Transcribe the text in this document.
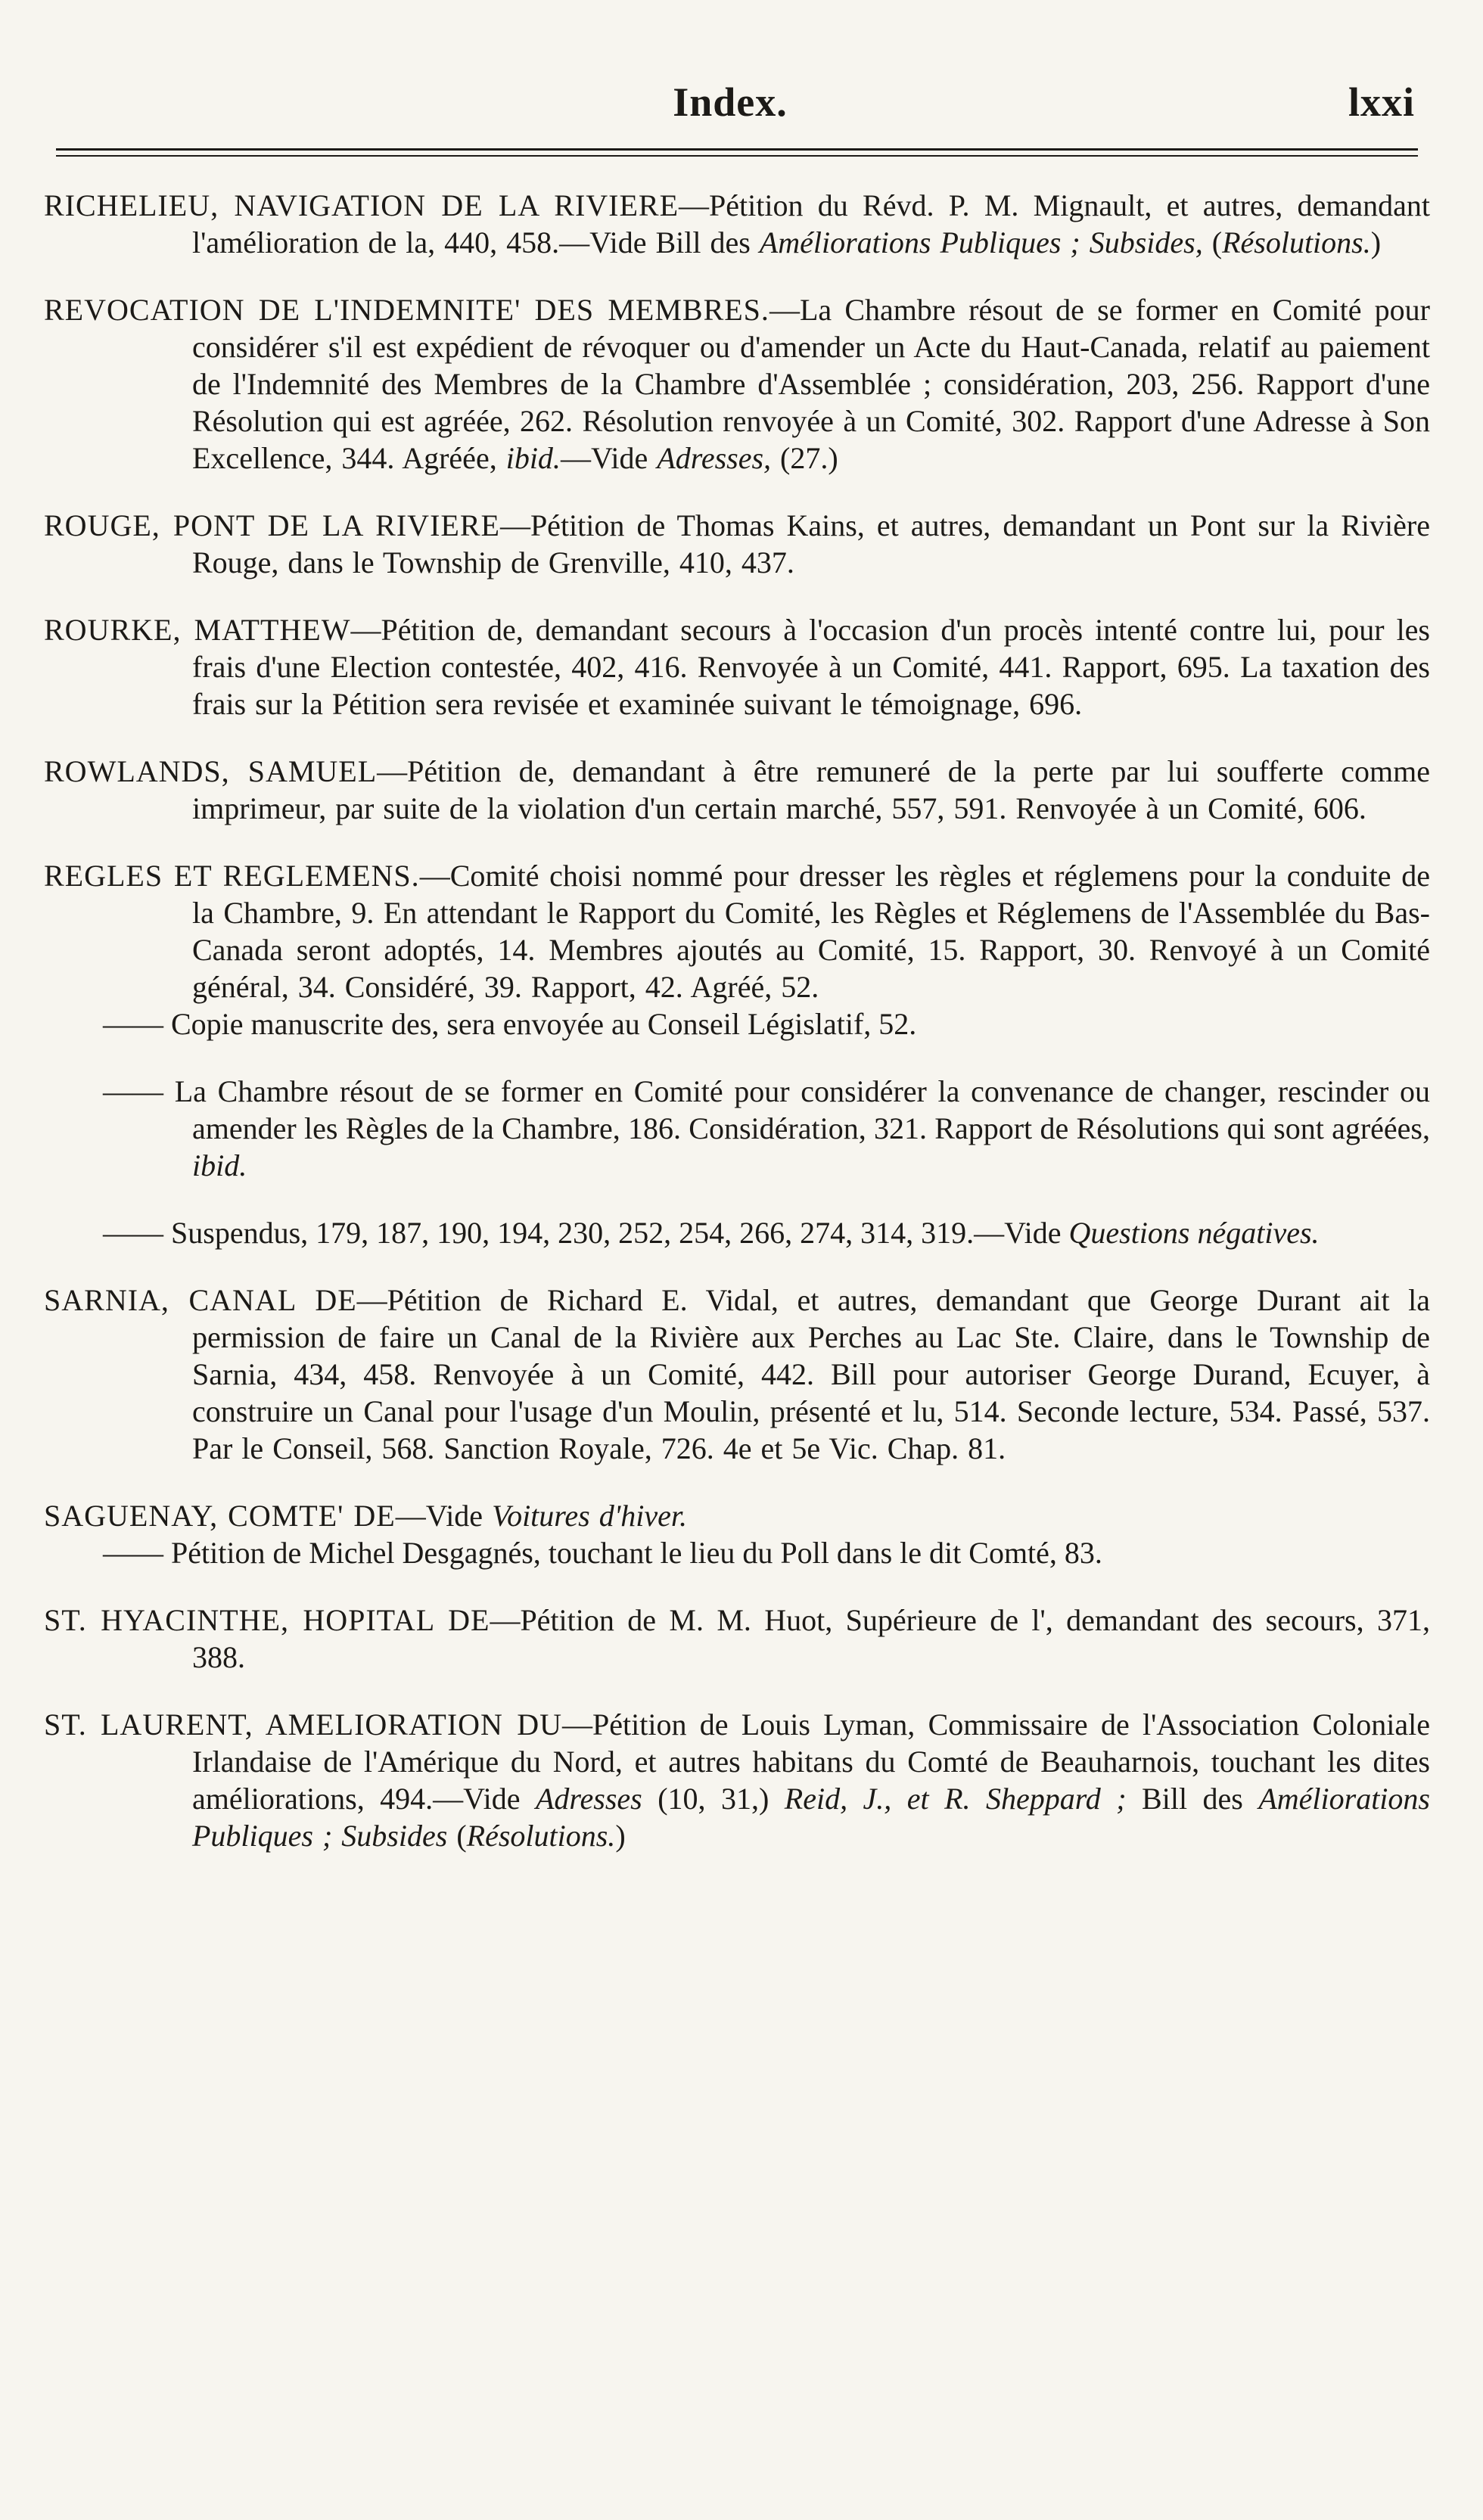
Index.	lxxi

RICHELIEU, NAVIGATION DE LA RIVIERE—Pétition du Révd. P. M. Mignault, et autres, demandant l'amélioration de la, 440, 458.—Vide Bill des Améliorations Publiques ; Subsides, (Résolutions.)

REVOCATION DE L'INDEMNITE' DES MEMBRES.—La Chambre résout de se former en Comité pour considérer s'il est expédient de révoquer ou d'amender un Acte du Haut-Canada, relatif au paiement de l'Indemnité des Membres de la Chambre d'Assemblée ; considération, 203, 256. Rapport d'une Résolution qui est agréée, 262. Résolution renvoyée à un Comité, 302. Rapport d'une Adresse à Son Excellence, 344. Agréée, ibid.—Vide Adresses, (27.)

ROUGE, PONT DE LA RIVIERE—Pétition de Thomas Kains, et autres, demandant un Pont sur la Rivière Rouge, dans le Township de Grenville, 410, 437.

ROURKE, MATTHEW—Pétition de, demandant secours à l'occasion d'un procès intenté contre lui, pour les frais d'une Election contestée, 402, 416. Renvoyée à un Comité, 441. Rapport, 695. La taxation des frais sur la Pétition sera revisée et examinée suivant le témoignage, 696.

ROWLANDS, SAMUEL—Pétition de, demandant à être remuneré de la perte par lui soufferte comme imprimeur, par suite de la violation d'un certain marché, 557, 591. Renvoyée à un Comité, 606.

REGLES ET REGLEMENS.—Comité choisi nommé pour dresser les règles et réglemens pour la conduite de la Chambre, 9. En attendant le Rapport du Comité, les Règles et Réglemens de l'Assemblée du Bas-Canada seront adoptés, 14. Membres ajoutés au Comité, 15. Rapport, 30. Renvoyé à un Comité général, 34. Considéré, 39. Rapport, 42. Agréé, 52.

—— Copie manuscrite des, sera envoyée au Conseil Législatif, 52.

—— La Chambre résout de se former en Comité pour considérer la convenance de changer, rescinder ou amender les Règles de la Chambre, 186. Considération, 321. Rapport de Résolutions qui sont agréées, ibid.

—— Suspendus, 179, 187, 190, 194, 230, 252, 254, 266, 274, 314, 319.—Vide Questions négatives.

SARNIA, CANAL DE—Pétition de Richard E. Vidal, et autres, demandant que George Durant ait la permission de faire un Canal de la Rivière aux Perches au Lac Ste. Claire, dans le Township de Sarnia, 434, 458. Renvoyée à un Comité, 442. Bill pour autoriser George Durand, Ecuyer, à construire un Canal pour l'usage d'un Moulin, présenté et lu, 514. Seconde lecture, 534. Passé, 537. Par le Conseil, 568. Sanction Royale, 726. 4e et 5e Vic. Chap. 81.

SAGUENAY, COMTE' DE—Vide Voitures d'hiver.

—— Pétition de Michel Desgagnés, touchant le lieu du Poll dans le dit Comté, 83.

ST. HYACINTHE, HOPITAL DE—Pétition de M. M. Huot, Supérieure de l', demandant des secours, 371, 388.

ST. LAURENT, AMELIORATION DU—Pétition de Louis Lyman, Commissaire de l'Association Coloniale Irlandaise de l'Amérique du Nord, et autres habitans du Comté de Beauharnois, touchant les dites améliorations, 494.—Vide Adresses (10, 31,) Reid, J., et R. Sheppard ; Bill des Améliorations Publiques ; Subsides (Résolutions.)
